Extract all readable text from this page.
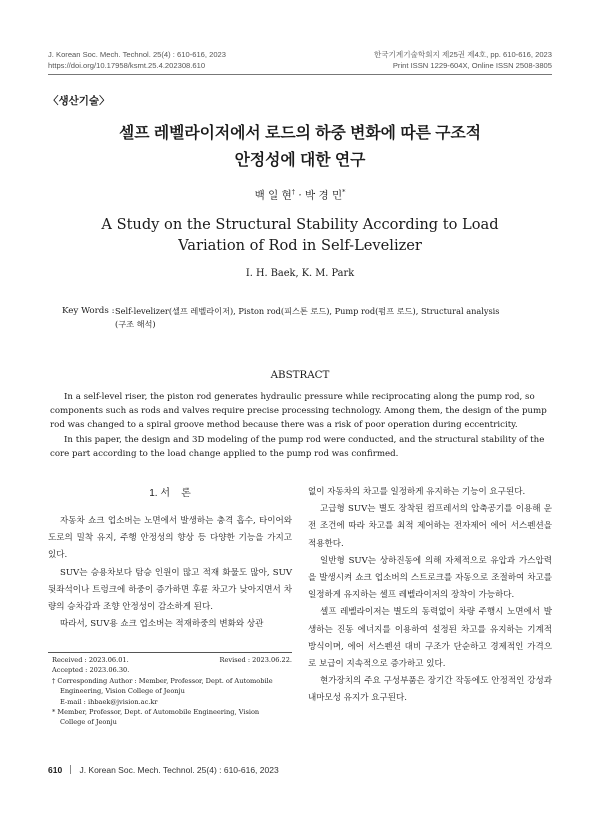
J. Korean Soc. Mech. Technol. 25(4) : 610-616, 2023
https://doi.org/10.17958/ksmt.25.4.202308.610
한국기계기술학회지 제25권 제4호, pp. 610-616, 2023
Print ISSN 1229-604X, Online ISSN 2508-3805
〈생산기술〉
셀프 레벨라이저에서 로드의 하중 변화에 따른 구조적
안정성에 대한 연구
백 일 현† · 박 경 민*
A Study on the Structural Stability According to Load
Variation of Rod in Self-Levelizer
I. H. Baek, K. M. Park
Key Words : Self-levelizer(셀프 레벨라이저), Piston rod(피스톤 로드), Pump rod(펌프 로드), Structural analysis
(구조 해석)
ABSTRACT
In a self-level riser, the piston rod generates hydraulic pressure while reciprocating along the pump rod, so
components such as rods and valves require precise processing technology. Among them, the design of the pump
rod was changed to a spiral groove method because there was a risk of poor operation during eccentricity.
In this paper, the design and 3D modeling of the pump rod were conducted, and the structural stability of the
core part according to the load change applied to the pump rod was confirmed.
1. 서    론

자동차 쇼크 업소버는 노면에서 발생하는 충격 흡수, 타이어와 도로의 밀착 유지, 주행 안정성의 향상 등 다양한 기능을 가지고 있다.

SUV는 승용차보다 탐승 인원이 많고 적재 화물도 많아, SUV 뒷좌석이나 트렁크에 하중이 증가하면 후륜 차고가 낮아지면서 차량의 승차감과 조향 안정성이 감소하게 된다.

따라서, SUV용 쇼크 업소버는 적재하중의 변화와 상관

Received : 2023.06.01.	Revised : 2023.06.22.
Accepted : 2023.06.30.
† Corresponding Author : Member, Professor, Dept. of Automobile
Engineering, Vision College of Jeonju
E-mail : ihbaek@jvision.ac.kr
* Member, Professor, Dept. of Automobile Engineering, Vision
College of Jeonju

없이 자동차의 차고를 일정하게 유지하는 기능이 요구된다.

고급형 SUV는 별도 장착된 컴프레서의 압축공기를 이용해 운전 조건에 따라 차고를 최적 제어하는 전자제어 에어 서스펜션을 적용한다.

일반형 SUV는 상하진동에 의해 자체적으로 유압과 가스압력을 발생시켜 쇼크 업소버의 스트로크를 자동으로 조절하여 차고를 일정하게 유지하는 셀프 레벨라이저의 장착이 가능하다.

셀프 레벨라이저는 별도의 동력없이 차량 주행시 노면에서 발생하는 진동 에너지를 이용하여 설정된 차고를 유지하는 기계적 방식이며, 에어 서스펜션 대비 구조가 단순하고 경제적인 가격으로 보급이 지속적으로 증가하고 있다.

현가장치의 주요 구성부품은 장기간 작동에도 안정적인 강성과 내마모성 유지가 요구된다.

610 J. Korean Soc. Mech. Technol. 25(4) : 610-616, 2023
